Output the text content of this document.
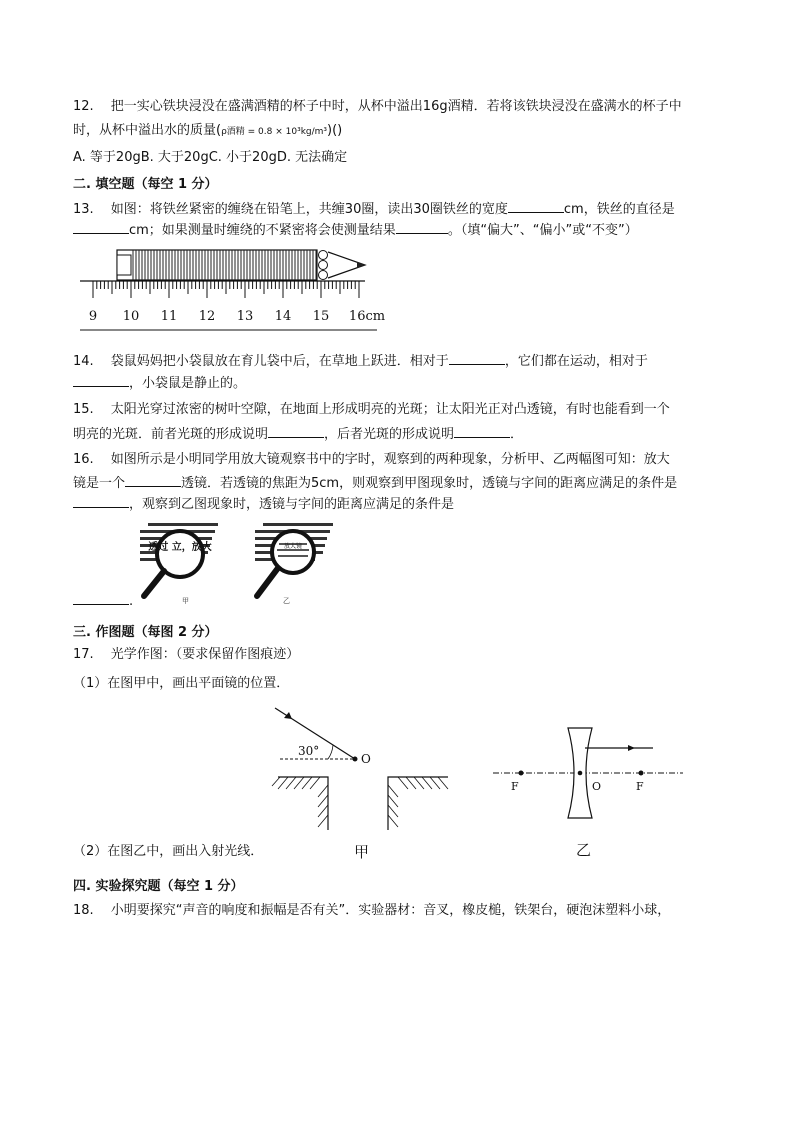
12.　 把一实心铁块浸没在盛满酒精的杯子中时，从杯中溢出16g酒精．若将该铁块浸没在盛满水的杯子中
时，从杯中溢出水的质量(ρ酒精 = 0.8 × 10³kg/m³)()
A. 等于20gB. 大于20gC. 小于20gD. 无法确定
二. 填空题（每空 1 分）
13.　 如图：将铁丝紧密的缠绕在铅笔上，共缠30圈，读出30圈铁丝的宽度	cm，铁丝的直径是
cm；如果测量时缠绕的不紧密将会使测量结果	。（填“偏大”、“偏小”或“不变”）
9 10 11 12 13 14 15 16cm
14.　 袋鼠妈妈把小袋鼠放在育儿袋中后，在草地上跃进．相对于	，它们都在运动，相对于
，小袋鼠是静止的。
15.　 太阳光穿过浓密的树叶空隙，在地面上形成明亮的光斑；让太阳光正对凸透镜，有时也能看到一个
明亮的光斑．前者光斑的形成说明	，后者光斑的形成说明	．
16.　 如图所示是小明同学用放大镜观察书中的字时，观察到的两种现象，分析甲、乙两幅图可知：放大
镜是一个	透镜．若透镜的焦距为5cm，则观察到甲图现象时，透镜与字间的距离应满足的条件是
，观察到乙图现象时，透镜与字间的距离应满足的条件是
透过 立，放大
甲
放大镜
乙
.
三. 作图题（每图 2 分）
17.　 光学作图：（要求保留作图痕迹）
（1）在图甲中，画出平面镜的位置．
30°
O
甲
F	O	F
乙
（2）在图乙中，画出入射光线．
四. 实验探究题（每空 1 分）
18.　 小明要探究“声音的响度和振幅是否有关”．实验器材：音叉，橡皮槌，铁架台，硬泡沫塑料小球，
